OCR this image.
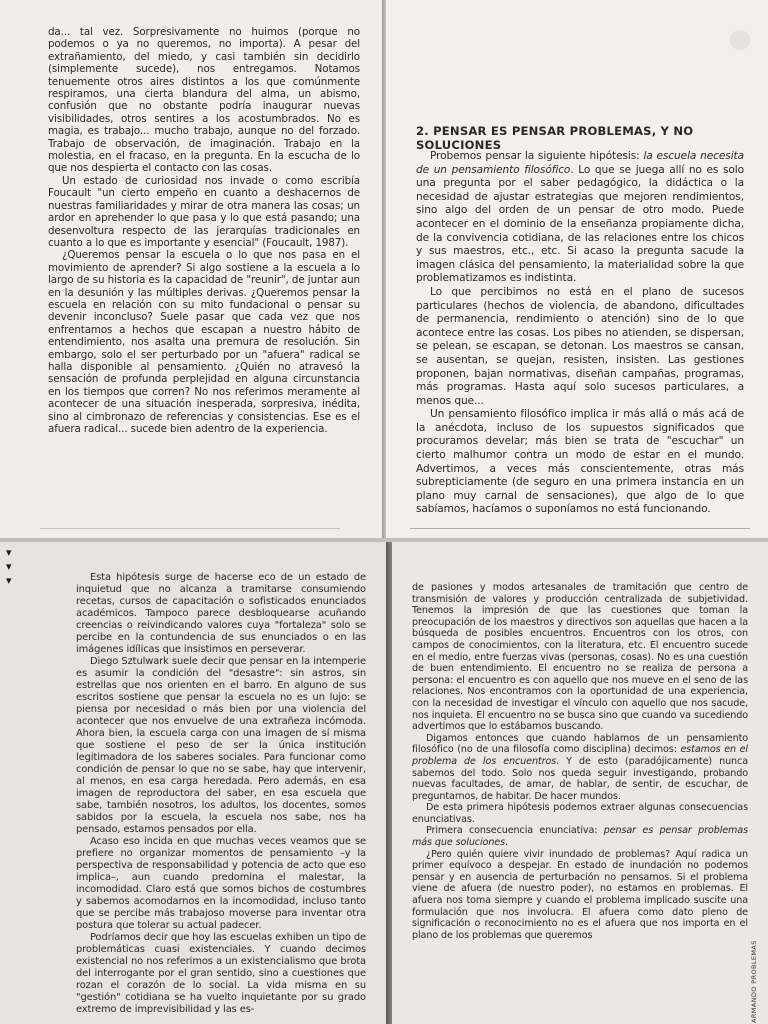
da... tal vez. Sorpresivamente no huimos (porque no podemos o ya no queremos, no importa). A pesar del extrañamiento, del miedo, y casi también sin decidirlo (simplemente sucede), nos entregamos. Notamos tenuemente otros aires distintos a los que comúnmente respiramos, una cierta blandura del alma, un abismo, confusión que no obstante podría inaugurar nuevas visibilidades, otros sentires a los acostumbrados. No es magia, es trabajo... mucho trabajo, aunque no del forzado. Trabajo de observación, de imaginación. Trabajo en la molestia, en el fracaso, en la pregunta. En la escucha de lo que nos despierta el contacto con las cosas.

Un estado de curiosidad nos invade o como escribía Foucault "un cierto empeño en cuanto a deshacernos de nuestras familiaridades y mirar de otra manera las cosas; un ardor en aprehender lo que pasa y lo que está pasando; una desenvoltura respecto de las jerarquías tradicionales en cuanto a lo que es importante y esencial" (Foucault, 1987).

¿Queremos pensar la escuela o lo que nos pasa en el movimiento de aprender? Si algo sostiene a la escuela a lo largo de su historia es la capacidad de "reunir", de juntar aun en la desunión y las múltiples derivas. ¿Queremos pensar la escuela en relación con su mito fundacional o pensar su devenir inconcluso? Suele pasar que cada vez que nos enfrentamos a hechos que escapan a nuestro hábito de entendimiento, nos asalta una premura de resolución. Sin embargo, solo el ser perturbado por un "afuera" radical se halla disponible al pensamiento. ¿Quién no atravesó la sensación de profunda perplejidad en alguna circunstancia en los tiempos que corren? No nos referimos meramente al acontecer de una situación inesperada, sorpresiva, inédita, sino al cimbronazo de referencias y consistencias. Ese es el afuera radical... sucede bien adentro de la experiencia.

2. PENSAR ES PENSAR PROBLEMAS, Y NO SOLUCIONES

Probemos pensar la siguiente hipótesis: la escuela necesita de un pensamiento filosófico. Lo que se juega allí no es solo una pregunta por el saber pedagógico, la didáctica o la necesidad de ajustar estrategias que mejoren rendimientos, sino algo del orden de un pensar de otro modo. Puede acontecer en el dominio de la enseñanza propiamente dicha, de la convivencia cotidiana, de las relaciones entre los chicos y sus maestros, etc., etc. Si acaso la pregunta sacude la imagen clásica del pensamiento, la materialidad sobre la que problematizamos es indistinta.

Lo que percibimos no está en el plano de sucesos particulares (hechos de violencia, de abandono, dificultades de permanencia, rendimiento o atención) sino de lo que acontece entre las cosas. Los pibes no atienden, se dispersan, se pelean, se escapan, se detonan. Los maestros se cansan, se ausentan, se quejan, resisten, insisten. Las gestiones proponen, bajan normativas, diseñan campañas, programas, más programas. Hasta aquí solo sucesos particulares, a menos que...

Un pensamiento filosófico implica ir más allá o más acá de la anécdota, incluso de los supuestos significados que procuramos develar; más bien se trata de "escuchar" un cierto malhumor contra un modo de estar en el mundo. Advertimos, a veces más conscientemente, otras más subrepticiamente (de seguro en una primera instancia en un plano muy carnal de sensaciones), que algo de lo que sabíamos, hacíamos o suponíamos no está funcionando.

▾
▾
▾	Esta hipótesis surge de hacerse eco de un estado de inquietud que no alcanza a tramitarse consumiendo recetas, cursos de capacitación o sofisticados enunciados académicos. Tampoco parece desbloquearse acuñando creencias o reivindicando valores cuya "fortaleza" solo se percibe en la contundencia de sus enunciados o en las imágenes idílicas que insistimos en perseverar.

Diego Sztulwark suele decir que pensar en la intemperie es asumir la condición del "desastre": sin astros, sin estrellas que nos orienten en el barro. En alguno de sus escritos sostiene que pensar la escuela no es un lujo: se piensa por necesidad o más bien por una violencia del acontecer que nos envuelve de una extrañeza incómoda. Ahora bien, la escuela carga con una imagen de sí misma que sostiene el peso de ser la única institución legitimadora de los saberes sociales. Para funcionar como condición de pensar lo que no se sabe, hay que intervenir, al menos, en esa carga heredada. Pero además, en esa imagen de reproductora del saber, en esa escuela que sabe, también nosotros, los adultos, los docentes, somos sabidos por la escuela, la escuela nos sabe, nos ha pensado, estamos pensados por ella.

Acaso eso incida en que muchas veces veamos que se prefiere no organizar momentos de pensamiento –y la perspectiva de responsabilidad y potencia de acto que eso implica–, aun cuando predomina el malestar, la incomodidad. Claro está que somos bichos de costumbres y sabemos acomodarnos en la incomodidad, incluso tanto que se percibe más trabajoso moverse para inventar otra postura que tolerar su actual padecer.

Podríamos decir que hoy las escuelas exhiben un tipo de problemáticas cuasi existenciales. Y cuando decimos existencial no nos referimos a un existencialismo que brota del interrogante por el gran sentido, sino a cuestiones que rozan el corazón de lo social. La vida misma en su "gestión" cotidiana se ha vuelto inquietante por su grado extremo de imprevisibilidad y las es-

de pasiones y modos artesanales de tramitación que centro de transmisión de valores y producción centralizada de subjetividad. Tenemos la impresión de que las cuestiones que toman la preocupación de los maestros y directivos son aquellas que hacen a la búsqueda de posibles encuentros. Encuentros con los otros, con campos de conocimientos, con la literatura, etc. El encuentro sucede en el medio, entre fuerzas vivas (personas, cosas). No es una cuestión de buen entendimiento. El encuentro no se realiza de persona a persona: el encuentro es con aquello que nos mueve en el seno de las relaciones. Nos encontramos con la oportunidad de una experiencia, con la necesidad de investigar el vínculo con aquello que nos sacude, nos inquieta. El encuentro no se busca sino que cuando va sucediendo advertimos que lo estábamos buscando.

Digamos entonces que cuando hablamos de un pensamiento filosófico (no de una filosofía como disciplina) decimos: estamos en el problema de los encuentros. Y de esto (paradójicamente) nunca sabemos del todo. Solo nos queda seguir investigando, probando nuevas facultades, de amar, de hablar, de sentir, de escuchar, de preguntarnos, de habitar. De hacer mundos.

De esta primera hipótesis podemos extraer algunas consecuencias enunciativas.

Primera consecuencia enunciativa: pensar es pensar problemas más que soluciones.

¿Pero quién quiere vivir inundado de problemas? Aquí radica un primer equívoco a despejar. En estado de inundación no podemos pensar y en ausencia de perturbación no pensamos. Si el problema viene de afuera (de nuestro poder), no estamos en problemas. El afuera nos toma siempre y cuando el problema implicado suscite una formulación que nos involucra. El afuera como dato pleno de significación o reconocimiento no es el afuera que nos importa en el plano de los problemas que queremos

ARMANDO PROBLEMAS
